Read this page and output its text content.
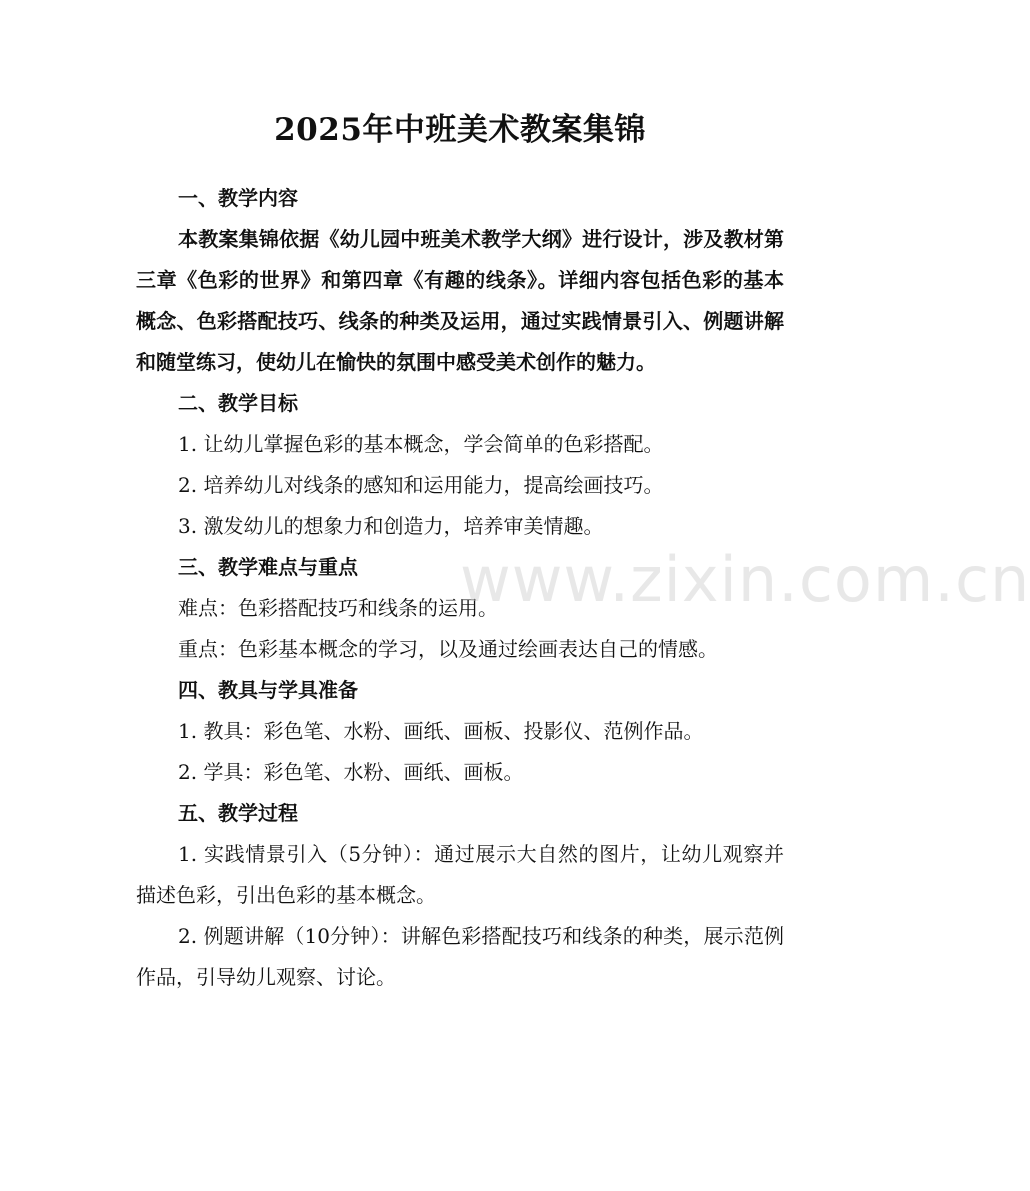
2025年中班美术教案集锦
一、教学内容

本教案集锦依据《幼儿园中班美术教学大纲》进行设计，涉及教材第三章《色彩的世界》和第四章《有趣的线条》。详细内容包括色彩的基本概念、色彩搭配技巧、线条的种类及运用，通过实践情景引入、例题讲解和随堂练习，使幼儿在愉快的氛围中感受美术创作的魅力。

二、教学目标

1. 让幼儿掌握色彩的基本概念，学会简单的色彩搭配。

2. 培养幼儿对线条的感知和运用能力，提高绘画技巧。

3. 激发幼儿的想象力和创造力，培养审美情趣。

三、教学难点与重点

难点：色彩搭配技巧和线条的运用。

重点：色彩基本概念的学习，以及通过绘画表达自己的情感。

四、教具与学具准备

1. 教具：彩色笔、水粉、画纸、画板、投影仪、范例作品。

2. 学具：彩色笔、水粉、画纸、画板。

五、教学过程

1. 实践情景引入（5分钟）：通过展示大自然的图片，让幼儿观察并描述色彩，引出色彩的基本概念。

2. 例题讲解（10分钟）：讲解色彩搭配技巧和线条的种类，展示范例作品，引导幼儿观察、讨论。

www.zixin.com.cn
